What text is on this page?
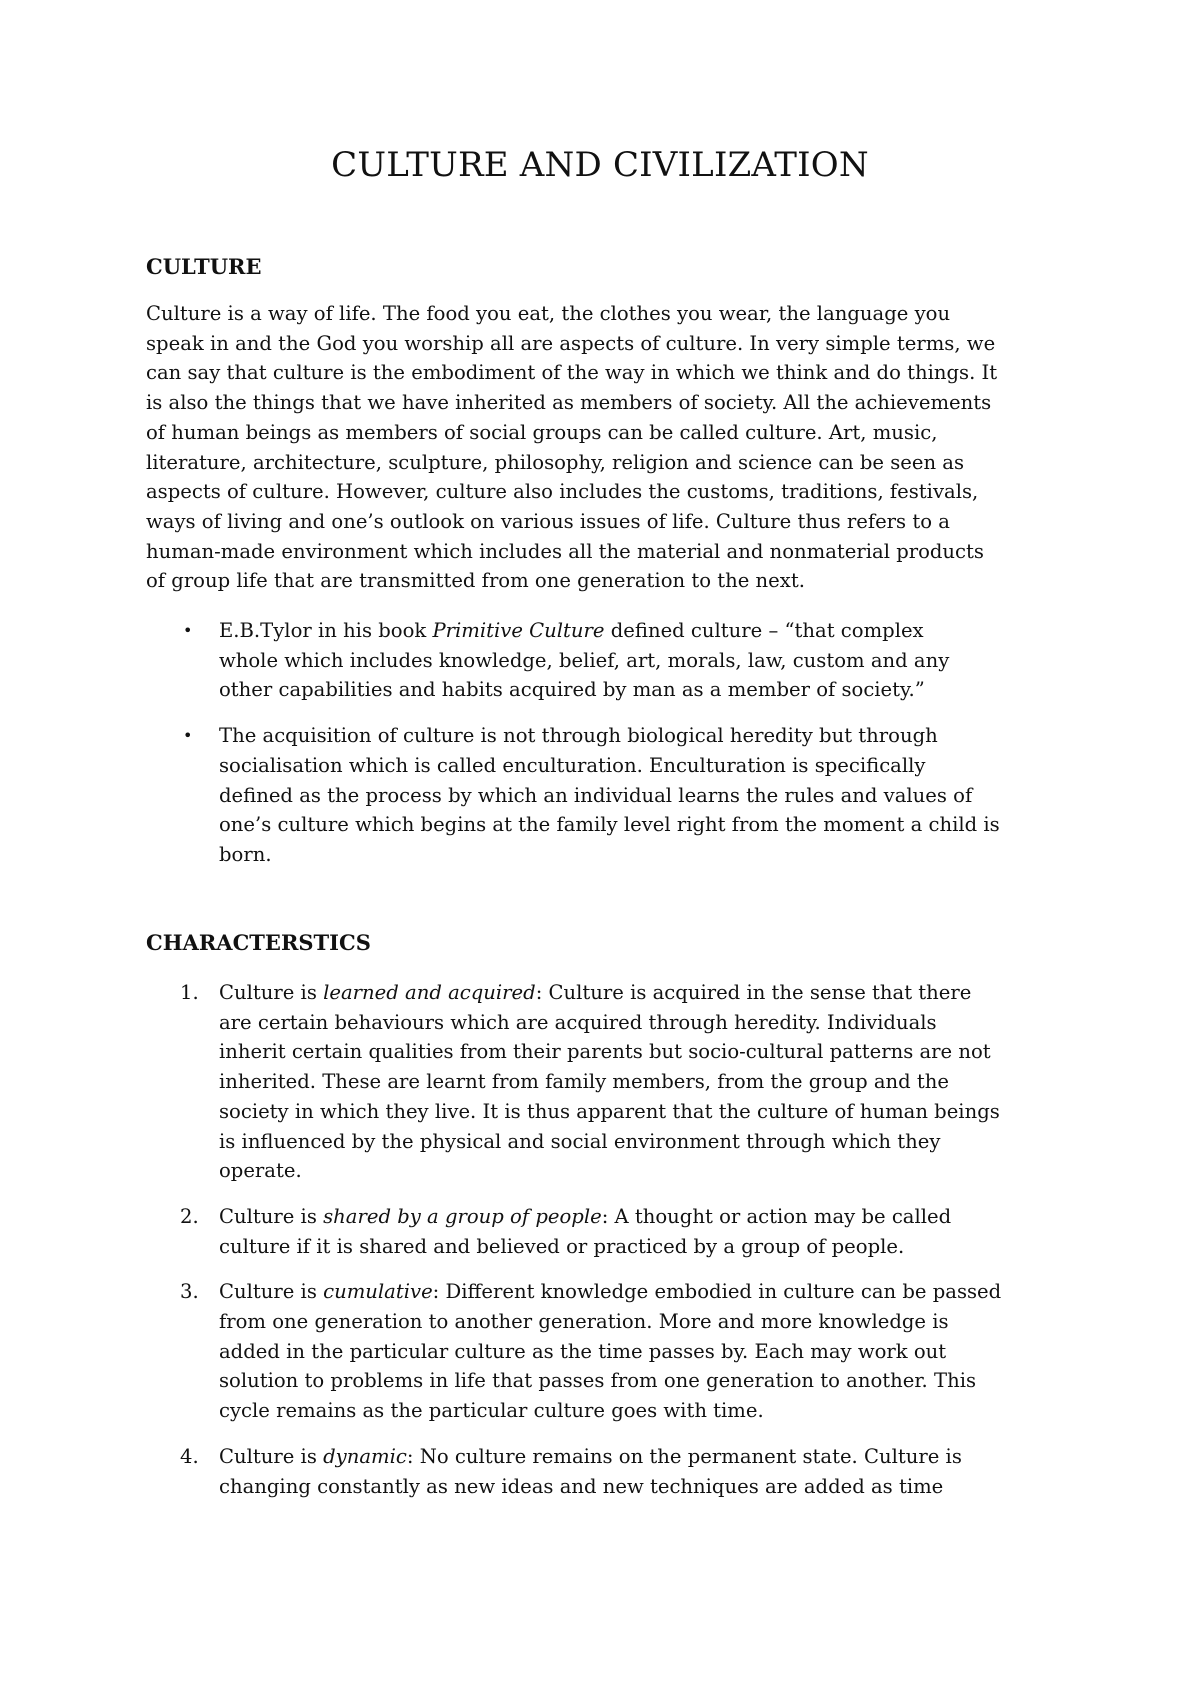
CULTURE AND CIVILIZATION
CULTURE

Culture is a way of life. The food you eat, the clothes you wear, the language you
speak in and the God you worship all are aspects of culture. In very simple terms, we
can say that culture is the embodiment of the way in which we think and do things. It
is also the things that we have inherited as members of society. All the achievements
of human beings as members of social groups can be called culture. Art, music,
literature, architecture, sculpture, philosophy, religion and science can be seen as
aspects of culture. However, culture also includes the customs, traditions, festivals,
ways of living and one’s outlook on various issues of life. Culture thus refers to a
human-made environment which includes all the material and nonmaterial products
of group life that are transmitted from one generation to the next.

• E.B.Tylor in his book Primitive Culture defined culture – “that complex
whole which includes knowledge, belief, art, morals, law, custom and any
other capabilities and habits acquired by man as a member of society.”
• The acquisition of culture is not through biological heredity but through
socialisation which is called enculturation. Enculturation is specifically
defined as the process by which an individual learns the rules and values of
one’s culture which begins at the family level right from the moment a child is
born.
CHARACTERSTICS
1. Culture is learned and acquired: Culture is acquired in the sense that there
are certain behaviours which are acquired through heredity. Individuals
inherit certain qualities from their parents but socio-cultural patterns are not
inherited. These are learnt from family members, from the group and the
society in which they live. It is thus apparent that the culture of human beings
is influenced by the physical and social environment through which they
operate.
2. Culture is shared by a group of people: A thought or action may be called
culture if it is shared and believed or practiced by a group of people.
3. Culture is cumulative: Different knowledge embodied in culture can be passed
from one generation to another generation. More and more knowledge is
added in the particular culture as the time passes by. Each may work out
solution to problems in life that passes from one generation to another. This
cycle remains as the particular culture goes with time.
4. Culture is dynamic: No culture remains on the permanent state. Culture is
changing constantly as new ideas and new techniques are added as time
